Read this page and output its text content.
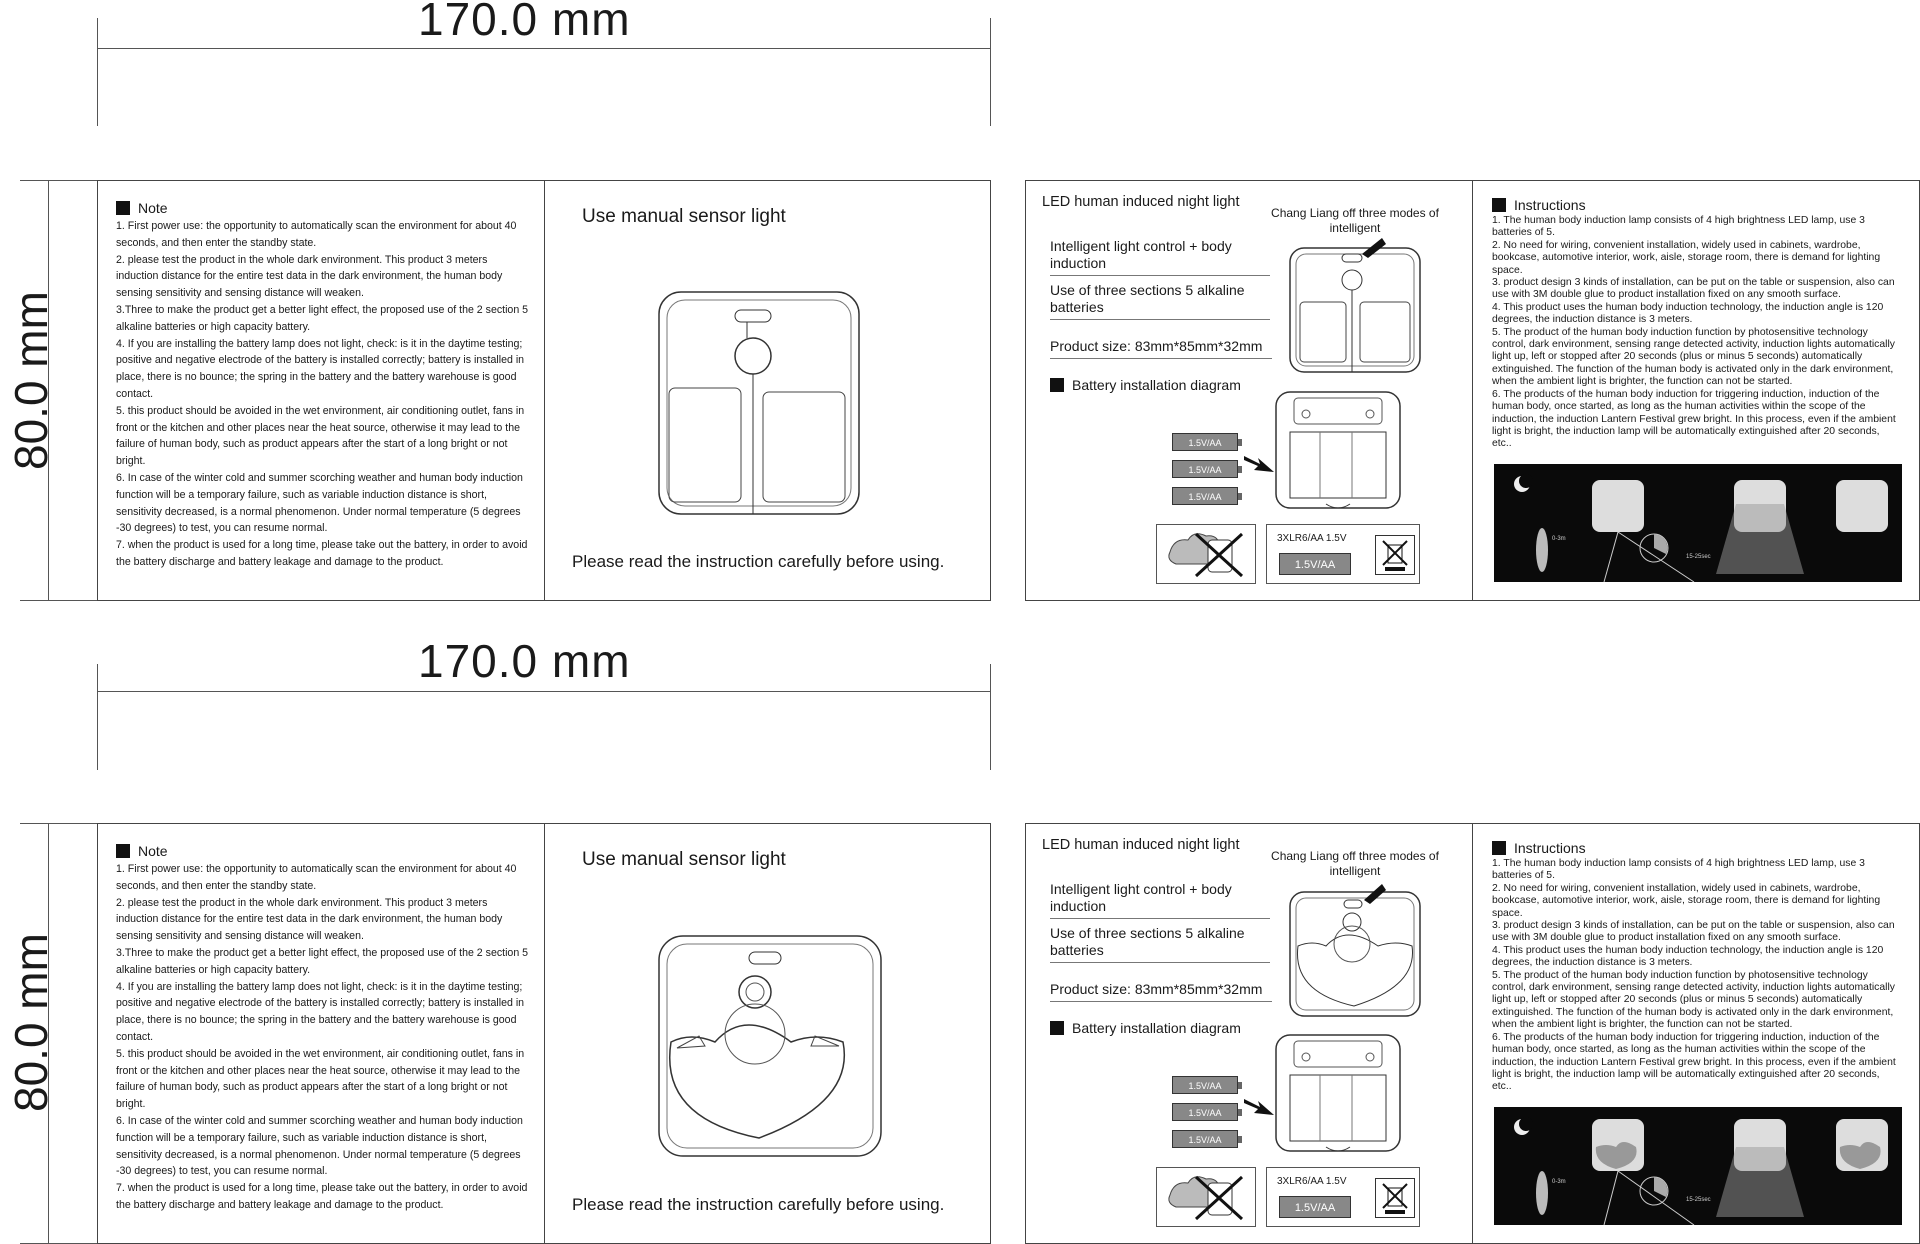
170.0 mm
80.0 mm
Note
1. First power use: the opportunity to automatically scan the environment for about 40 seconds, and then enter the standby state.
2. please test the product in the whole dark environment. This product 3 meters induction distance for the entire test data in the dark environment, the human body sensing sensitivity and sensing distance will weaken.
3.Three to make the product get a better light effect, the proposed use of the 2 section 5 alkaline batteries or high capacity battery.
4. If you are installing the battery lamp does not light, check: is it in the daytime testing; positive and negative electrode of the battery is installed correctly; battery is installed in place, there is no bounce; the spring in the battery and the battery warehouse is good contact.
5. this product should be avoided in the wet environment, air conditioning outlet, fans in front or the kitchen and other places near the heat source, otherwise it may lead to the failure of human body, such as product appears after the start of a long bright or not bright.
6. In case of the winter cold and summer scorching weather and human body induction function will be a temporary failure, such as variable induction distance is short, sensitivity decreased, is a normal phenomenon. Under normal temperature (5 degrees -30 degrees) to test, you can resume normal.
7. when the product is used for a long time, please take out the battery, in order to avoid the battery discharge and battery leakage and damage to the product.
Use manual sensor light
Please read the instruction carefully before using.
LED human induced night light
Chang Liang off three modes of intelligent
Intelligent light control + body induction
Use of three sections 5 alkaline batteries
Product size: 83mm*85mm*32mm
Battery installation diagram
1.5V/AA
1.5V/AA
1.5V/AA
3XLR6/AA 1.5V
1.5V/AA
Instructions
1. The human body induction lamp consists of 4 high brightness LED lamp, use 3 batteries of 5.
2. No need for wiring, convenient installation, widely used in cabinets, wardrobe, bookcase, automotive interior, work, aisle, storage room, there is demand for lighting space.
3. product design 3 kinds of installation, can be put on the table or suspension, also can use with 3M double glue to product installation fixed on any smooth surface.
4. This product uses the human body induction technology, the induction angle is 120 degrees, the induction distance is 3 meters.
5. The product of the human body induction function by photosensitive technology control, dark environment, sensing range detected activity, induction lights automatically light up, left or stopped after 20 seconds (plus or minus 5 seconds) automatically extinguished. The function of the human body is activated only in the dark environment, when the ambient light is brighter, the function can not be started.
6. The products of the human body induction for triggering induction, induction of the human body, once started, as long as the human activities within the scope of the induction, the induction Lantern Festival grew bright. In this process, even if the ambient light is bright, the induction lamp will be automatically extinguished after 20 seconds, etc..
0-3m
15-25sec
170.0 mm
80.0 mm
Note
1. First power use: the opportunity to automatically scan the environment for about 40 seconds, and then enter the standby state.
2. please test the product in the whole dark environment. This product 3 meters induction distance for the entire test data in the dark environment, the human body sensing sensitivity and sensing distance will weaken.
3.Three to make the product get a better light effect, the proposed use of the 2 section 5 alkaline batteries or high capacity battery.
4. If you are installing the battery lamp does not light, check: is it in the daytime testing; positive and negative electrode of the battery is installed correctly; battery is installed in place, there is no bounce; the spring in the battery and the battery warehouse is good contact.
5. this product should be avoided in the wet environment, air conditioning outlet, fans in front or the kitchen and other places near the heat source, otherwise it may lead to the failure of human body, such as product appears after the start of a long bright or not bright.
6. In case of the winter cold and summer scorching weather and human body induction function will be a temporary failure, such as variable induction distance is short, sensitivity decreased, is a normal phenomenon. Under normal temperature (5 degrees -30 degrees) to test, you can resume normal.
7. when the product is used for a long time, please take out the battery, in order to avoid the battery discharge and battery leakage and damage to the product.
Use manual sensor light
Please read the instruction carefully before using.
LED human induced night light
Chang Liang off three modes of intelligent
Intelligent light control + body induction
Use of three sections 5 alkaline batteries
Product size: 83mm*85mm*32mm
Battery installation diagram
1.5V/AA
1.5V/AA
1.5V/AA
3XLR6/AA 1.5V
1.5V/AA
Instructions
1. The human body induction lamp consists of 4 high brightness LED lamp, use 3 batteries of 5.
2. No need for wiring, convenient installation, widely used in cabinets, wardrobe, bookcase, automotive interior, work, aisle, storage room, there is demand for lighting space.
3. product design 3 kinds of installation, can be put on the table or suspension, also can use with 3M double glue to product installation fixed on any smooth surface.
4. This product uses the human body induction technology, the induction angle is 120 degrees, the induction distance is 3 meters.
5. The product of the human body induction function by photosensitive technology control, dark environment, sensing range detected activity, induction lights automatically light up, left or stopped after 20 seconds (plus or minus 5 seconds) automatically extinguished. The function of the human body is activated only in the dark environment, when the ambient light is brighter, the function can not be started.
6. The products of the human body induction for triggering induction, induction of the human body, once started, as long as the human activities within the scope of the induction, the induction Lantern Festival grew bright. In this process, even if the ambient light is bright, the induction lamp will be automatically extinguished after 20 seconds, etc..
0-3m
15-25sec
